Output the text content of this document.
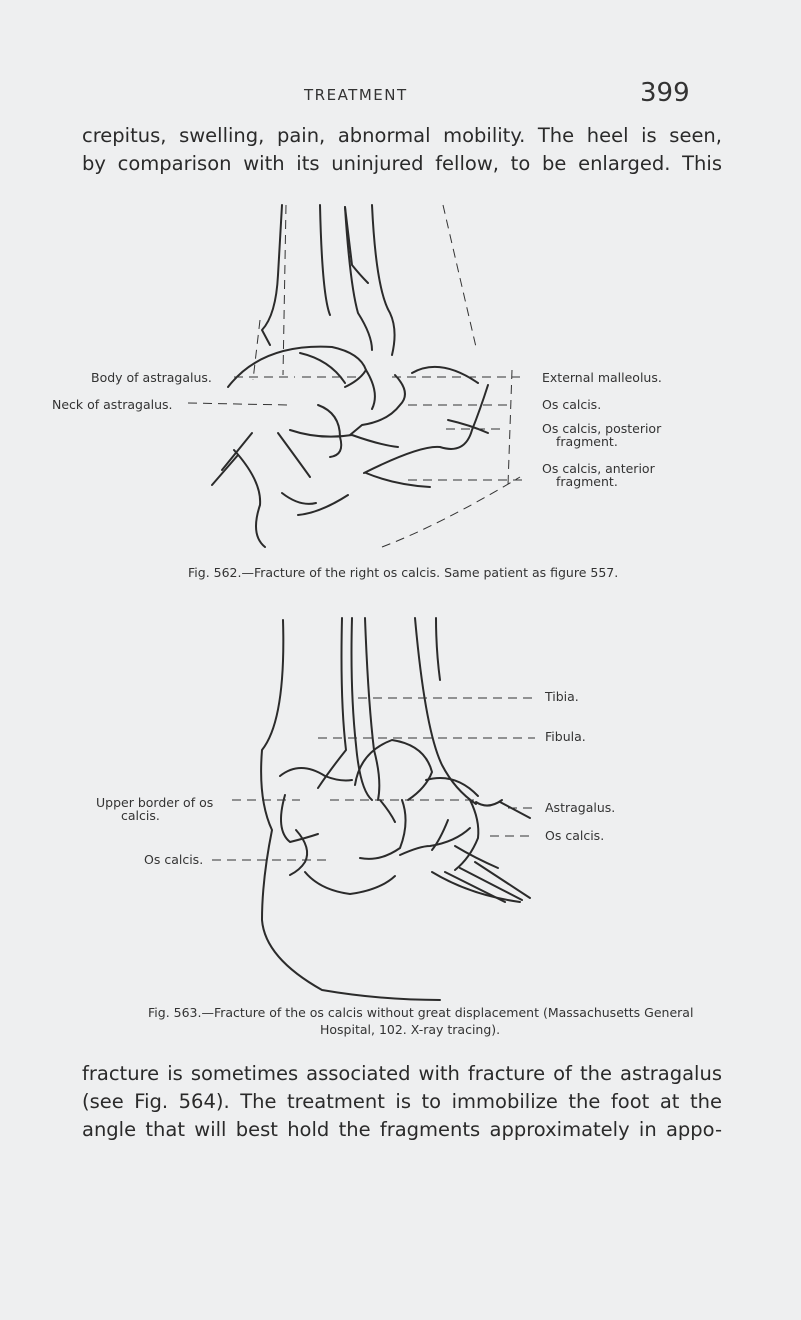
TREATMENT	399
crepitus, swelling, pain, abnormal mobility. The heel is seen,
by comparison with its uninjured fellow, to be enlarged. This
Body of astragalus.
Neck of astragalus.
External malleolus.
Os calcis.
Os calcis, posterior
fragment.
Os calcis, anterior
fragment.
Fig. 562.—Fracture of the right os calcis. Same patient as figure 557.
Tibia.
Fibula.
Upper border of os
calcis.
Astragalus.
Os calcis.
Os calcis.
Fig. 563.—Fracture of the os calcis without great displacement (Massachusetts General
Hospital, 102. X-ray tracing).
fracture is sometimes associated with fracture of the astragalus
(see Fig. 564). The treatment is to immobilize the foot at the
angle that will best hold the fragments approximately in appo-
